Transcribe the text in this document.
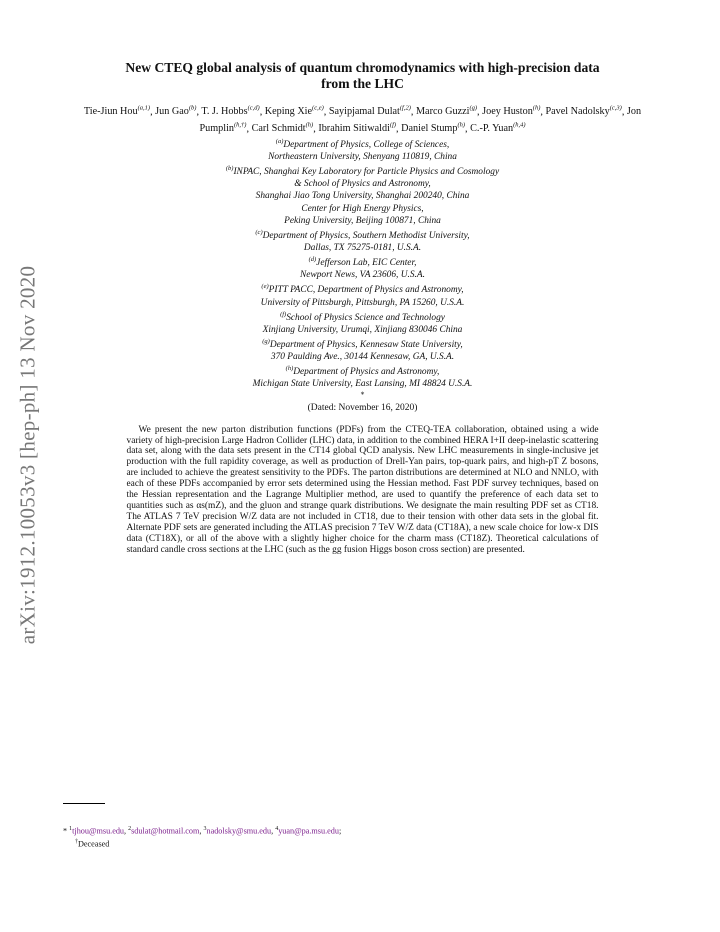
arXiv:1912.10053v3 [hep-ph] 13 Nov 2020
New CTEQ global analysis of quantum chromodynamics with high-precision data
from the LHC
Tie-Jiun Hou$^{(a,1)}$, Jun Gao$^{(b)}$, T. J. Hobbs$^{(c,d)}$, Keping Xie$^{(c,e)}$, Sayipjamal Dulat$^{(f,2)}$, Marco Guzzi$^{(g)}$, Joey Huston$^{(h)}$, Pavel Nadolsky$^{(c,3)}$, Jon Pumplin$^{(h,\dagger)}$, Carl Schmidt$^{(h)}$, Ibrahim Sitiwaldi$^{(f)}$, Daniel Stump$^{(h)}$, C.-P. Yuan$^{(h,4)}$
$^{(a)}$Department of Physics, College of Sciences,
Northeastern University, Shenyang 110819, China
$^{(b)}$INPAC, Shanghai Key Laboratory for Particle Physics and Cosmology
& School of Physics and Astronomy,
Shanghai Jiao Tong University, Shanghai 200240, China
Center for High Energy Physics,
Peking University, Beijing 100871, China
$^{(c)}$Department of Physics, Southern Methodist University,
Dallas, TX 75275-0181, U.S.A.
$^{(d)}$Jefferson Lab, EIC Center,
Newport News, VA 23606, U.S.A.
$^{(e)}$PITT PACC, Department of Physics and Astronomy,
University of Pittsburgh, Pittsburgh, PA 15260, U.S.A.
$^{(f)}$School of Physics Science and Technology
Xinjiang University, Urumqi, Xinjiang 830046 China
$^{(g)}$Department of Physics, Kennesaw State University,
370 Paulding Ave., 30144 Kennesaw, GA, U.S.A.
$^{(h)}$Department of Physics and Astronomy,
Michigan State University, East Lansing, MI 48824 U.S.A.
*
(Dated: November 16, 2020)

We present the new parton distribution functions (PDFs) from the CTEQ-TEA collaboration, obtained using a wide variety of high-precision Large Hadron Collider (LHC) data, in addition to the combined HERA I+II deep-inelastic scattering data set, along with the data sets present in the CT14 global QCD analysis. New LHC measurements in single-inclusive jet production with the full rapidity coverage, as well as production of Drell-Yan pairs, top-quark pairs, and high-pT Z bosons, are included to achieve the greatest sensitivity to the PDFs. The parton distributions are determined at NLO and NNLO, with each of these PDFs accompanied by error sets determined using the Hessian method. Fast PDF survey techniques, based on the Hessian representation and the Lagrange Multiplier method, are used to quantify the preference of each data set to quantities such as αs(mZ), and the gluon and strange quark distributions. We designate the main resulting PDF set as CT18. The ATLAS 7 TeV precision W/Z data are not included in CT18, due to their tension with other data sets in the global fit. Alternate PDF sets are generated including the ATLAS precision 7 TeV W/Z data (CT18A), a new scale choice for low-x DIS data (CT18X), or all of the above with a slightly higher choice for the charm mass (CT18Z). Theoretical calculations of standard candle cross sections at the LHC (such as the gg fusion Higgs boson cross section) are presented.

* $^1$tjhou@msu.edu, $^2$sdulat@hotmail.com, $^3$nadolsky@smu.edu, $^4$yuan@pa.msu.edu;
†Deceased
